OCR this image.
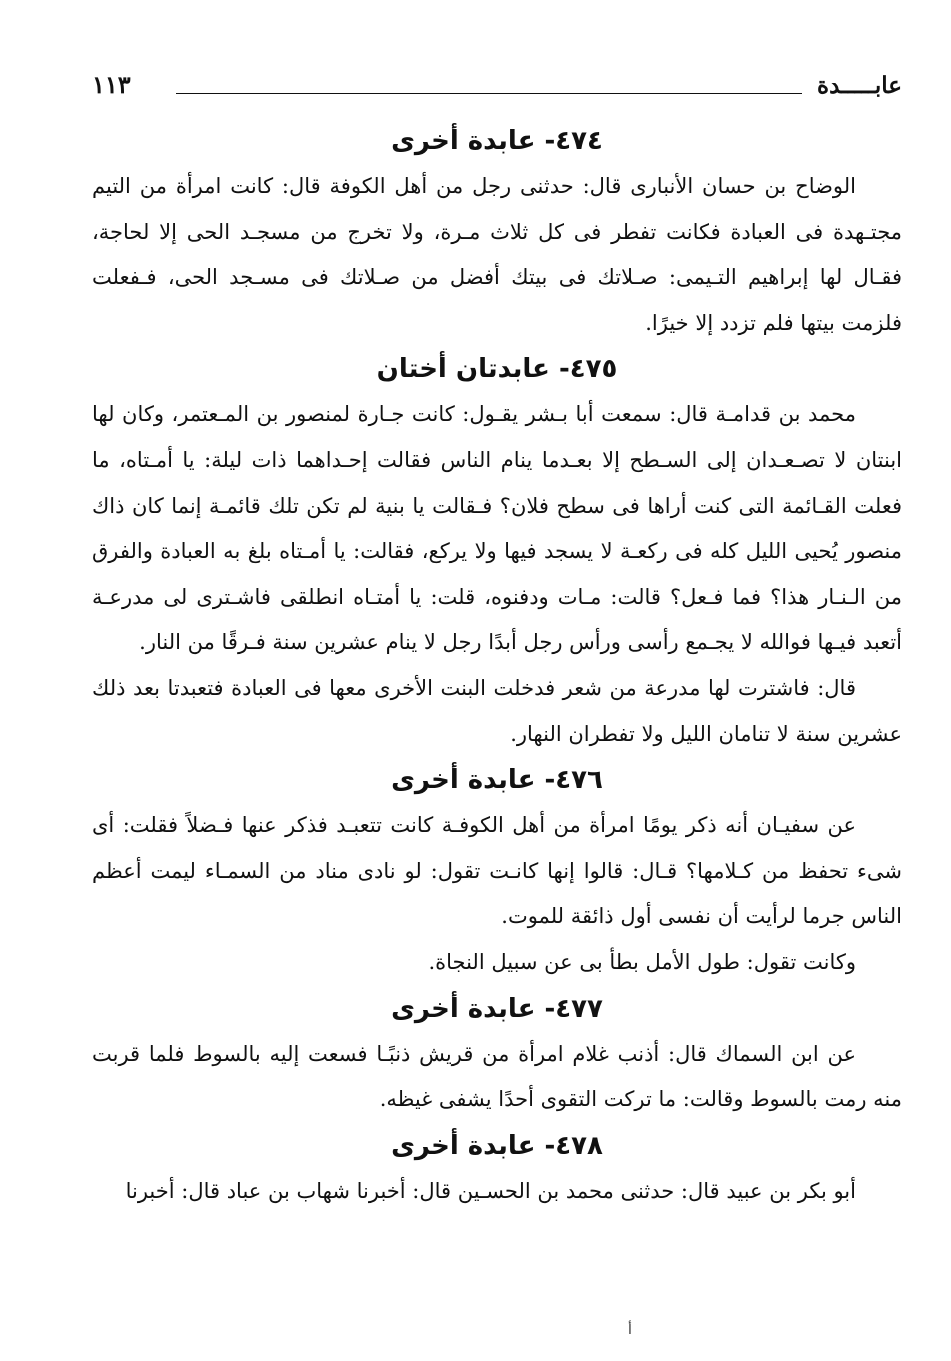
عابـــــدة
١١٣
٤٧٤- عابدة أخرى

الوضاح بن حسان الأنبارى قال: حدثنى رجل من أهل الكوفة قال: كانت امرأة من التيم مجتـهدة فى العبادة فكانت تفطر فى كل ثلاث مـرة، ولا تخرج من مسجـد الحى إلا لحاجة، فقـال لها إبراهيم التـيمى: صـلاتك فى بيتك أفضل من صـلاتك فى مسـجد الحى، فـفعلت فلزمت بيتها فلم تزدد إلا خيرًا.

٤٧٥- عابدتان أختان

محمد بن قدامـة قال: سمعت أبا بـشر يقـول: كانت جـارة لمنصور بن المـعتمر، وكان لها ابنتان لا تصـعـدان إلى السـطح إلا بعـدما ينام الناس فقالت إحـداهما ذات ليلة: يا أمـتاه، ما فعلت القـائمة التى كنت أراها فى سطح فلان؟ فـقالت يا بنية لم تكن تلك قائمـة إنما كان ذاك منصور يُحيى الليل كله فى ركعـة لا يسجد فيها ولا يركع، فقالت: يا أمـتاه بلغ به العبادة والفرق من الـنـار هذا؟ فما فـعل؟ قالت: مـات ودفنوه، قلت: يا أمتـاه انطلقى فاشـترى لى مدرعـة أتعبد فيـها فوالله لا يجـمع رأسى ورأس رجل أبدًا رجل لا ينام عشرين سنة فـرقًا من النار.

قال: فاشترت لها مدرعة من شعر فدخلت البنت الأخرى معها فى العبادة فتعبدتا بعد ذلك عشرين سنة لا تنامان الليل ولا تفطران النهار.

٤٧٦- عابدة أخرى

عن سفيـان أنه ذكر يومًا امرأة من أهل الكوفـة كانت تتعبـد فذكر عنها فـضلاً فقلت: أى شىء تحفظ من كـلامها؟ قـال: قالوا إنها كانـت تقول: لو نادى مناد من السمـاء ليمت أعظم الناس جرما لرأيت أن نفسى أول ذائقة للموت.

وكانت تقول: طول الأمل بطأ بى عن سبيل النجاة.

٤٧٧- عابدة أخرى

عن ابن السماك قال: أذنب غلام امرأة من قريش ذنبًـا فسعت إليه بالسوط فلما قربت منه رمت بالسوط وقالت: ما تركت التقوى أحدًا يشفى غيظه.

٤٧٨- عابدة أخرى

أبو بكر بن عبيد قال: حدثنى محمد بن الحسـين قال: أخبرنا شهاب بن عباد قال: أخبرنا

أ
